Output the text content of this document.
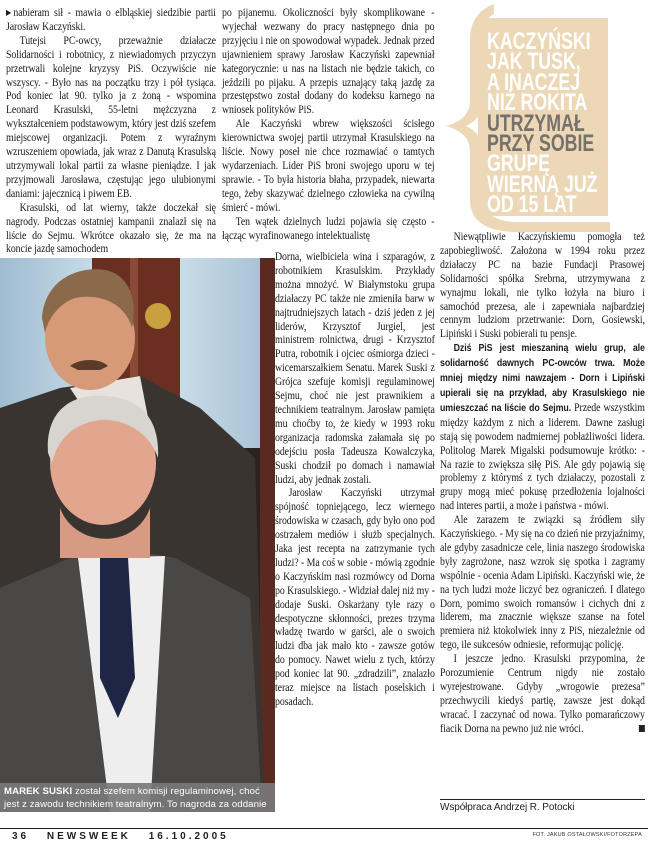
▶nabieram sił - mawia o elbląskiej siedzibie partii Jarosław Kaczyński.

Tutejsi PC-owcy, przeważnie działacze Solidarności i robotnicy, z niewiadomych przyczyn przetrwali kolejne kryzysy PiS. Oczywiście nie wszyscy. - Było nas na początku trzy i pół tysiąca. Pod koniec lat 90. tylko ja z żoną - wspomina Leonard Krasulski, 55-letni mężczyzna z wykształceniem podstawowym, który jest dziś szefem miejscowej organizacji. Potem z wyraźnym wzruszeniem opowiada, jak wraz z Danutą Krasulską utrzymywali lokal partii za własne pieniądze. I jak przyjmowali Jarosława, częstując jego ulubionymi daniami: jajecznicą i piwem EB.

Krasulski, od lat wierny, także doczekał się nagrody. Podczas ostatniej kampanii znalazł się na liście do Sejmu. Wkrótce okazało się, że ma na koncie jazdę samochodem

po pijanemu. Okoliczności były skomplikowane - wyjechał wezwany do pracy następnego dnia po przyjęciu i nie on spowodował wypadek. Jednak przed ujawnieniem sprawy Jarosław Kaczyński zapewniał kategorycznie: u nas na listach nie będzie takich, co jeździli po pijaku. A przepis uznający taką jazdę za przestępstwo został dodany do kodeksu karnego na wniosek polityków PiS.

Ale Kaczyński wbrew większości ścisłego kierownictwa swojej partii utrzymał Krasulskiego na liście. Nowy poseł nie chce rozmawiać o tamtych wydarzeniach. Lider PiS broni swojego uporu w tej sprawie. - To była historia błaha, przypadek, niewarta tego, żeby skazywać dzielnego człowieka na cywilną śmierć - mówi.

Ten wątek dzielnych ludzi pojawia się często - łącząc wyrafinowanego intelektualistę

Dorna, wielbiciela wina i szparagów, z robotnikiem Krasulskim. Przykłady można mnożyć. W Białymstoku grupa działaczy PC także nie zmieniła barw w najtrudniejszych latach - dziś jeden z jej liderów, Krzysztof Jurgiel, jest ministrem rolnictwa, drugi - Krzysztof Putra, robotnik i ojciec ośmiorga dzieci - wicemarszałkiem Senatu. Marek Suski z Grójca szefuje komisji regulaminowej Sejmu, choć nie jest prawnikiem a technikiem teatralnym. Jarosław pamięta mu choćby to, że kiedy w 1993 roku organizacja radomska załamała się po odejściu posła Tadeusza Kowalczyka, Suski chodził po domach i namawiał ludzi, aby jednak zostali.

Jarosław Kaczyński utrzymał spójność topniejącego, lecz wiernego środowiska w czasach, gdy było ono pod ostrzałem mediów i służb specjalnych. Jaka jest recepta na zatrzymanie tych ludzi? - Ma coś w sobie - mówią zgodnie o Kaczyńskim nasi rozmówcy od Dorna po Krasulskiego. - Widział dalej niż my - dodaje Suski. Oskarżany tyle razy o despotyczne skłonności, prezes trzyma władzę twardo w garści, ale o swoich ludzi dba jak mało kto - zawsze gotów do pomocy. Nawet wielu z tych, którzy pod koniec lat 90. „zdradzili”, znalazło teraz miejsce na listach poselskich i posadach.

KACZYŃSKI
JAK TUSK,
A INACZEJ
NIŻ ROKITA
UTRZYMAŁ
PRZY SOBIE
GRUPĘ
WIERNĄ JUŻ
OD 15 LAT

Niewątpliwie Kaczyńskiemu pomogła też zapobiegliwość. Założona w 1994 roku przez działaczy PC na bazie Fundacji Prasowej Solidarności spółka Srebrna, utrzymywana z wynajmu lokali, nie tylko łożyła na biuro i samochód prezesa, ale i zapewniała najbardziej cennym ludziom przetrwanie: Dorn, Gosiewski, Lipiński i Suski pobierali tu pensje.

Dziś PiS jest mieszaniną wielu grup, ale solidarność dawnych PC-owców trwa. Może mniej między nimi nawzajem - Dorn i Lipiński upierali się na przykład, aby Krasulskiego nie umieszczać na liście do Sejmu. Przede wszystkim między każdym z nich a liderem. Dawne zasługi stają się powodem nadmiernej pobłażliwości lidera. Politolog Marek Migalski podsumowuje krótko: - Na razie to zwiększa siłę PiS. Ale gdy pojawią się problemy z którymś z tych działaczy, pozostali z grupy mogą mieć pokusę przedłożenia lojalności nad interes partii, a może i państwa - mówi.

Ale zarazem te związki są źródłem siły Kaczyńskiego. - My się na co dzień nie przyjaźnimy, ale gdyby zasadnicze cele, linia naszego środowiska były zagrożone, nasz wzrok się spotka i zagramy wspólnie - ocenia Adam Lipiński. Kaczyński wie, że na tych ludzi może liczyć bez ograniczeń. I dlatego Dorn, pomimo swoich romansów i cichych dni z liderem, ma znacznie większe szanse na fotel premiera niż ktokolwiek inny z PiS, niezależnie od tego, ile sukcesów odniesie, reformując policję.

I jeszcze jedno. Krasulski przypomina, że Porozumienie Centrum nigdy nie zostało wyrejestrowane. Gdyby „wrogowie prezesa” przechwycili kiedyś partię, zawsze jest dokąd wracać. I zaczynać od nowa. Tylko pomarańczowy fiacik Dorna na pewno już nie wróci.

MAREK SUSKI został szefem komisji regulaminowej, choć jest z zawodu technikiem teatralnym. To nagroda za oddanie	Współpraca Andrzej R. Potocki
FOT. JAKUB OSTAŁOWSKI/FOTORZEPA
36 NEWSWEEK 16.10.2005
